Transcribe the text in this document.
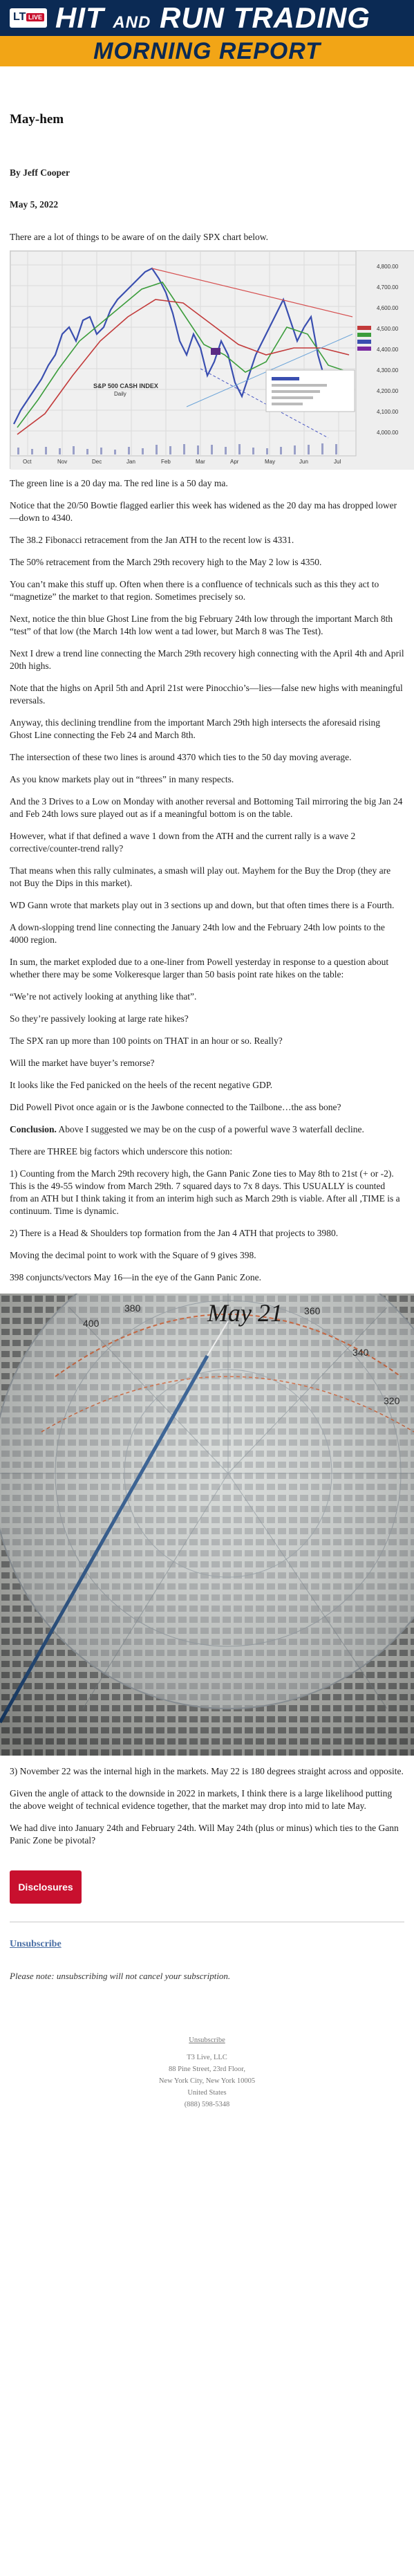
LT LIVE HIT AND RUN TRADING
MORNING REPORT
May-hem
By Jeff Cooper
May 5, 2022
There are a lot of things to be aware of on the daily SPX chart below.
S&P 500 CASH INDEX
Daily
4,800.00
4,700.00
4,600.00
4,500.00
4,400.00
4,300.00
4,200.00
4,100.00
4,000.00
Oct	Nov	Dec	Jan	Feb	Mar	Apr	May	Jun	Jul

The green line is a 20 day ma. The red line is a 50 day ma.

Notice that the 20/50 Bowtie flagged earlier this week has widened as the 20 day ma has dropped lower—down to 4340.

The 38.2 Fibonacci retracement from the Jan ATH to the recent low is 4331.

The 50% retracement from the March 29th recovery high to the May 2 low is 4350.

You can’t make this stuff up. Often when there is a confluence of technicals such as this they act to “magnetize” the market to that region. Sometimes precisely so.

Next, notice the thin blue Ghost Line from the big February 24th low through the important March 8th “test” of that low (the March 14th low went a tad lower, but March 8 was The Test).

Next I drew a trend line connecting the March 29th recovery high connecting with the April 4th and April 20th highs.

Note that the highs on April 5th and April 21st were Pinocchio’s—lies—false new highs with meaningful reversals.

Anyway, this declining trendline from the important March 29th high intersects the aforesaid rising Ghost Line connecting the Feb 24 and March 8th.

The intersection of these two lines is around 4370 which ties to the 50 day moving average.

As you know markets play out in “threes” in many respects.

And the 3 Drives to a Low on Monday with another reversal and Bottoming Tail mirroring the big Jan 24 and Feb 24th lows sure played out as if a meaningful bottom is on the table.

However, what if that defined a wave 1 down from the ATH and the current rally is a wave 2 corrective/counter-trend rally?

That means when this rally culminates, a smash will play out. Mayhem for the Buy the Drop (they are not Buy the Dips in this market).

WD Gann wrote that markets play out in 3 sections up and down, but that often times there is a Fourth.

A down-slopping trend line connecting the January 24th low and the February 24th low points to the 4000 region.

In sum, the market exploded due to a one-liner from Powell yesterday in response to a question about whether there may be some Volkeresque larger than 50 basis point rate hikes on the table:

“We’re not actively looking at anything like that”.

So they’re passively looking at large rate hikes?

The SPX ran up more than 100 points on THAT in an hour or so. Really?

Will the market have buyer’s remorse?

It looks like the Fed panicked on the heels of the recent negative GDP.

Did Powell Pivot once again or is the Jawbone connected to the Tailbone…the ass bone?

Conclusion. Above I suggested we may be on the cusp of a powerful wave 3 waterfall decline.

There are THREE big factors which underscore this notion:

1) Counting from the March 29th recovery high, the Gann Panic Zone ties to May 8th to 21st (+ or -2). This is the 49-55 window from March 29th. 7 squared days to 7x 8 days. This USUALLY is counted from an ATH but I think taking it from an interim high such as March 29th is viable. After all ,TIME is a continuum. Time is dynamic.

2) There is a Head & Shoulders top formation from the Jan 4 ATH that projects to 3980.

Moving the decimal point to work with the Square of 9 gives 398.

398 conjuncts/vectors May 16—in the eye of the Gann Panic Zone.

400
380	360
340
320
May 21

3) November 22 was the internal high in the markets. May 22 is 180 degrees straight across and opposite.

Given the angle of attack to the downside in 2022 in markets, I think there is a large likelihood putting the above weight of technical evidence together, that the market may drop into mid to late May.

We had dive into January 24th and February 24th. Will May 24th (plus or minus) which ties to the Gann Panic Zone be pivotal?

Disclosures
Unsubscribe
Please note: unsubscribing will not cancel your subscription.
Unsubscribe
T3 Live, LLC
88 Pine Street, 23rd Floor,
New York City, New York 10005
United States
(888) 598-5348
